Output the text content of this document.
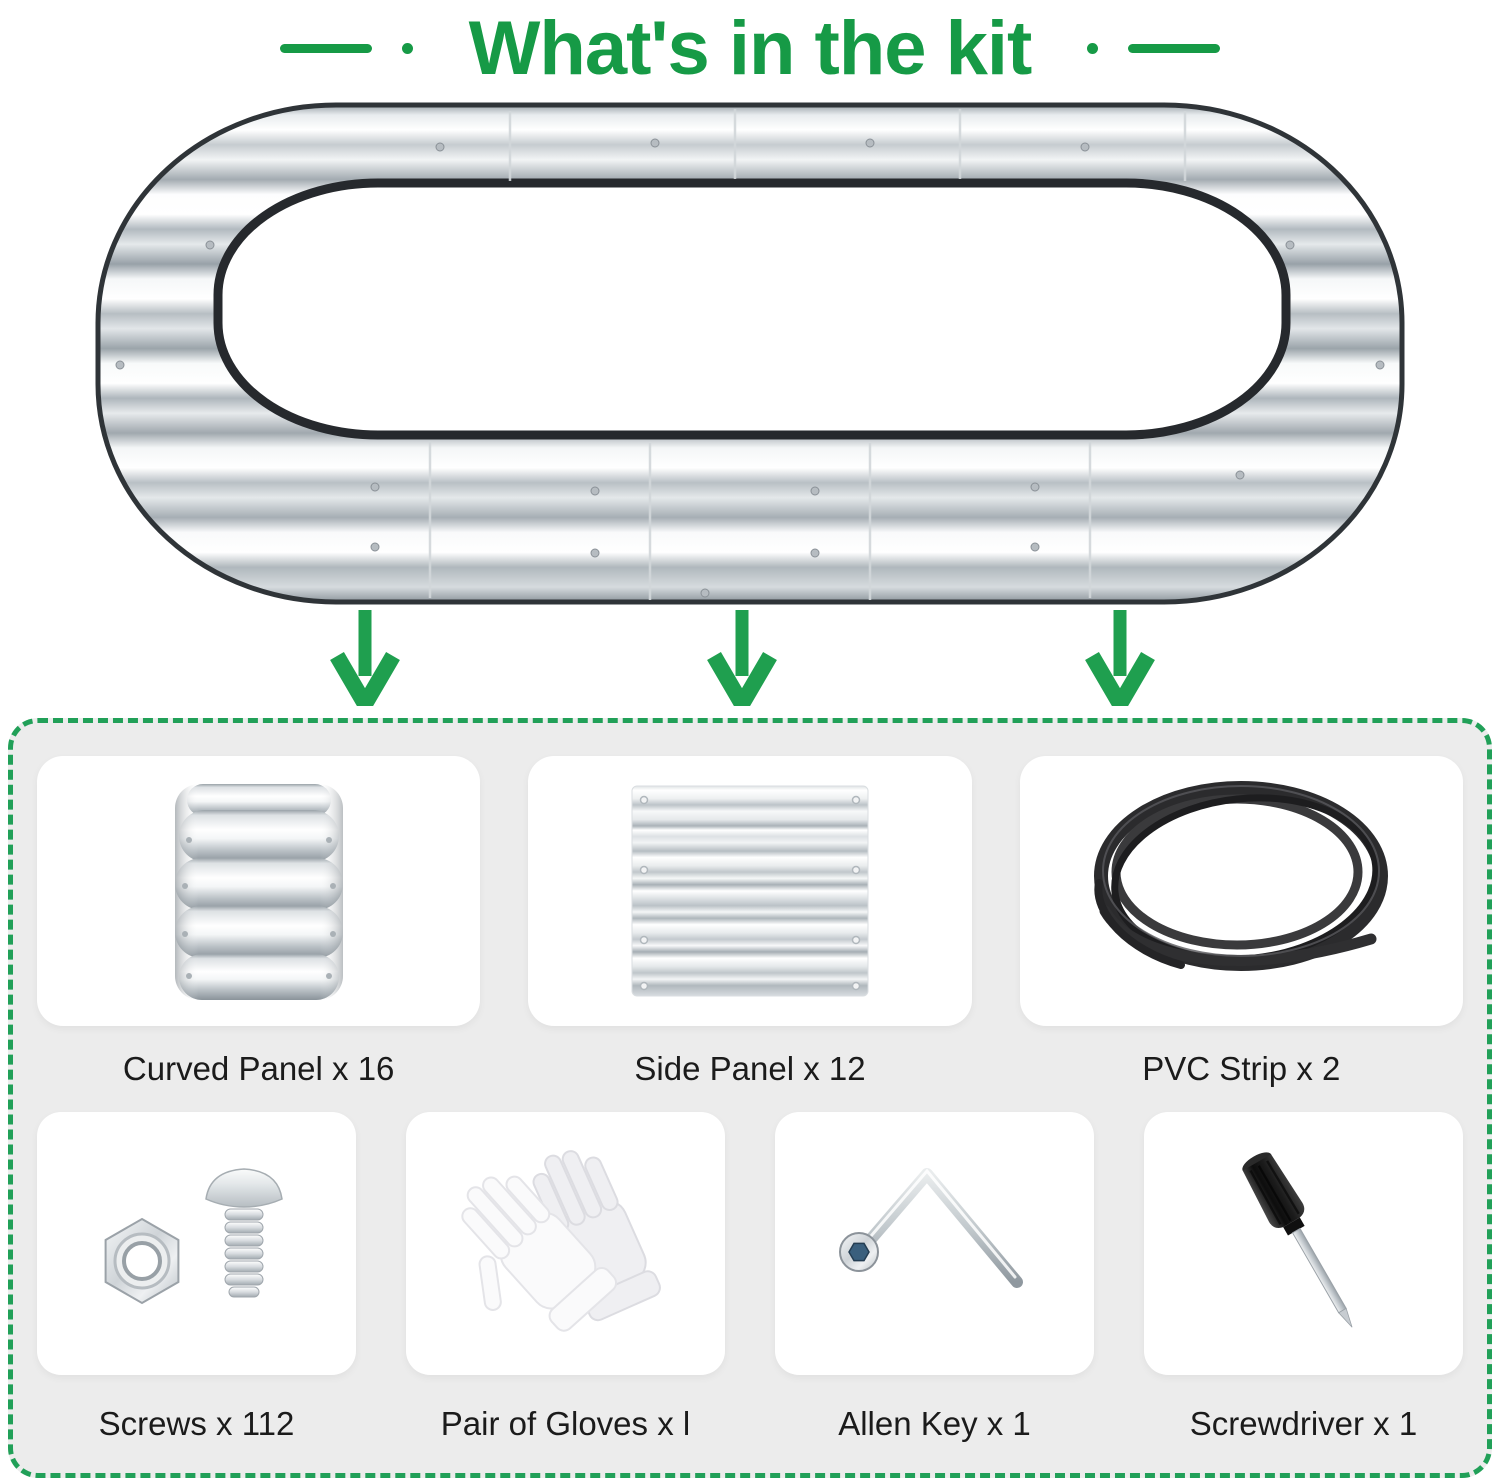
What's in the kit
Curved Panel x 16	Side Panel x 12	PVC Strip x 2
Screws x 112	Pair of Gloves x l	Allen Key x 1	Screwdriver x 1
